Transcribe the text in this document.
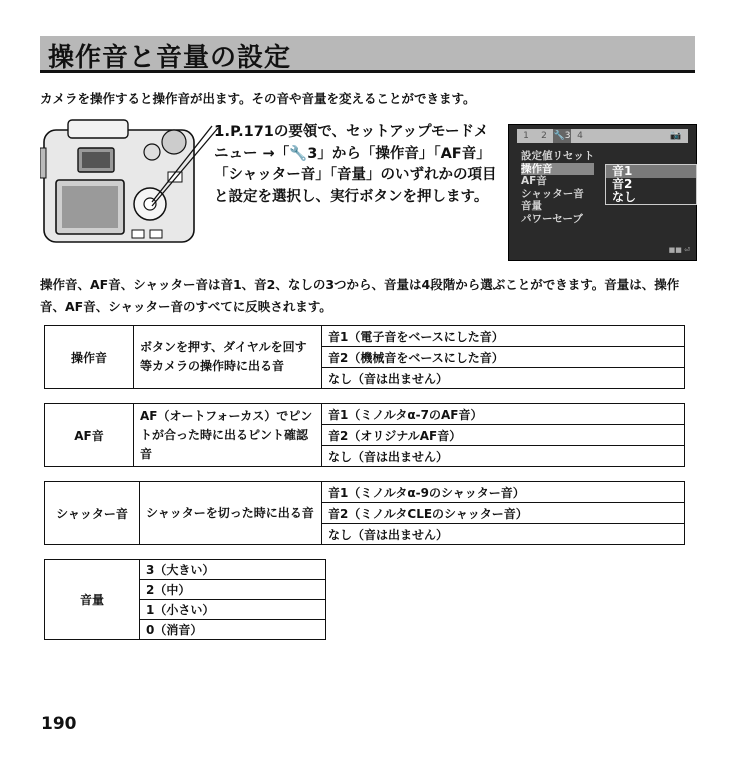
操作音と音量の設定
カメラを操作すると操作音が出ます。その音や音量を変えることができます。
1.P.171の要領で、セットアップモードメニュー →「🔧3」から「操作音」「AF音」「シャッター音」「音量」のいずれかの項目と設定を選択し、実行ボタンを押します。
1	2 🔧3 4	📷
設定値リセット
操作音
AF音
シャッター音
音量
パワーセーブ
音1
音2
なし
■■ ⏎
操作音、AF音、シャッター音は音1、音2、なしの3つから、音量は4段階から選ぶことができます。音量は、操作音、AF音、シャッター音のすべてに反映されます。
操作音	ボタンを押す、ダイヤルを回す等カメラの操作時に出る音	音1（電子音をベースにした音）
音2（機械音をベースにした音）
なし（音は出ません）
AF音	AF（オートフォーカス）でピントが合った時に出るピント確認音	音1（ミノルタα-7のAF音）
音2（オリジナルAF音）
なし（音は出ません）
シャッター音	シャッターを切った時に出る音	音1（ミノルタα-9のシャッター音）
音2（ミノルタCLEのシャッター音）
なし（音は出ません）
音量	3（大きい）
2（中）
1（小さい）
0（消音）
190
